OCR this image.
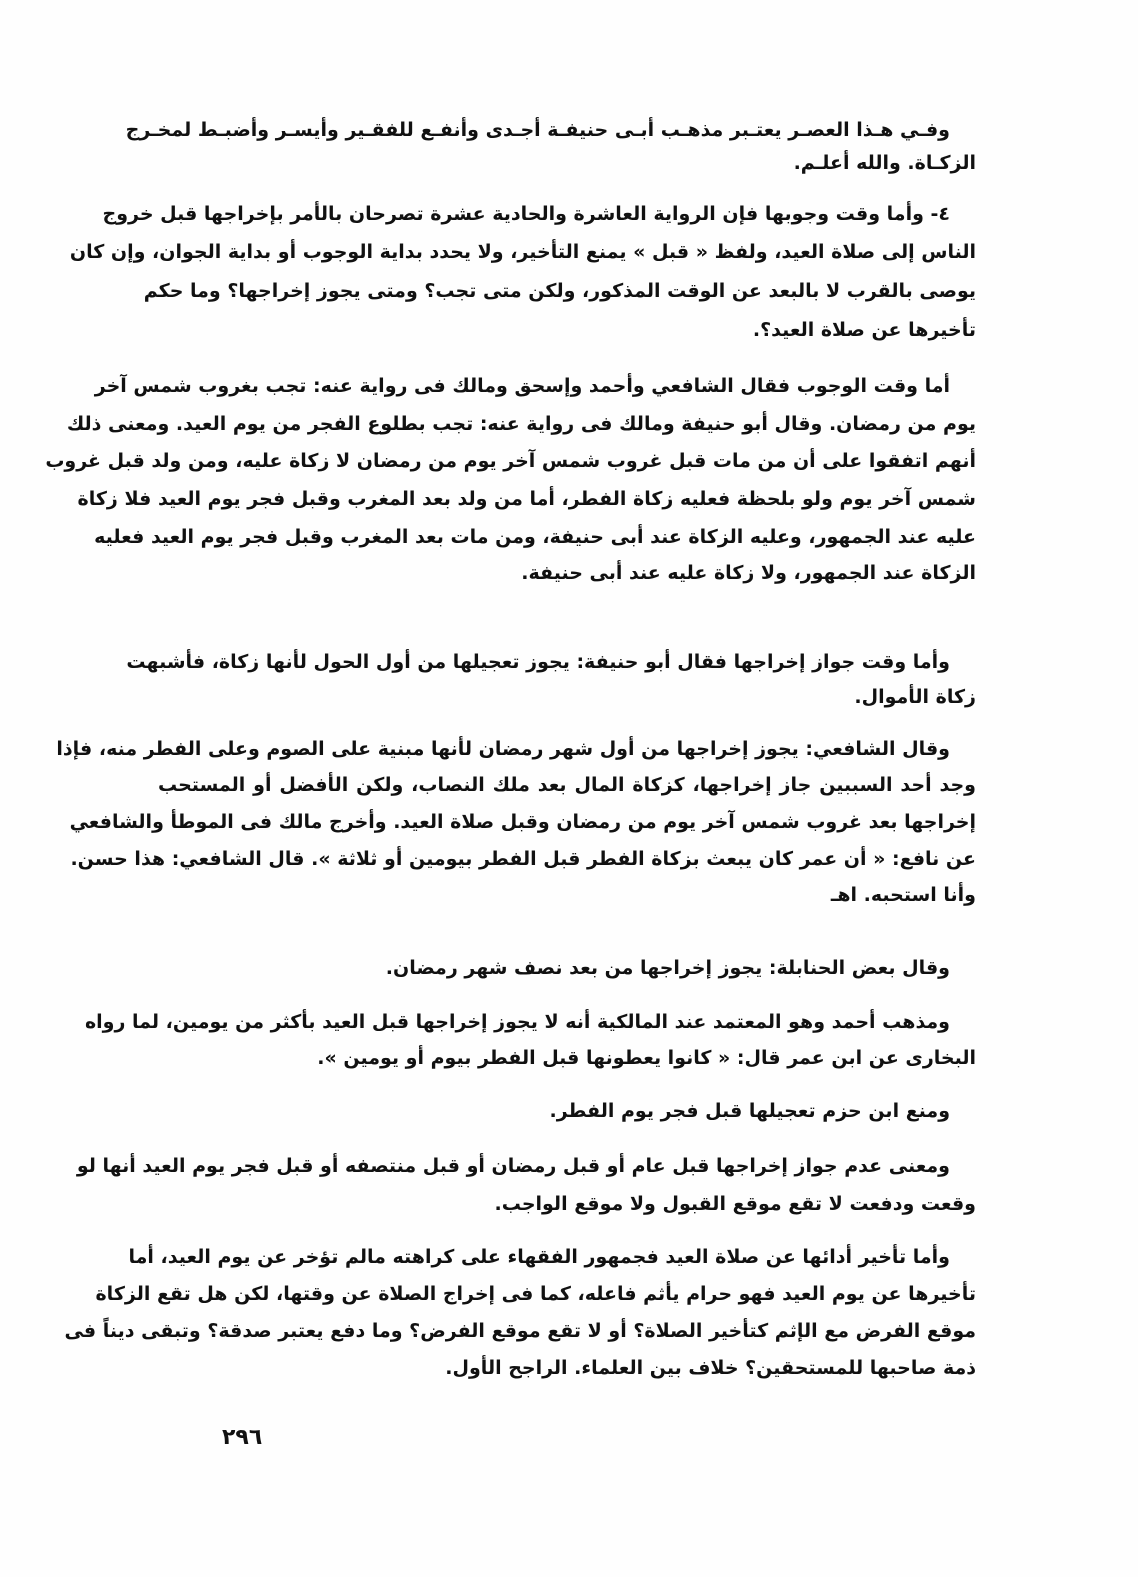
وفـي هـذا العصـر يعتـبر مذهـب أبـى حنيفـة أجـدى وأنفـع للفقـير وأيسـر وأضبـط لمخـرج
الزكـاة. والله أعلـم.
٤- وأما وقت وجوبها فإن الرواية العاشرة والحادية عشرة تصرحان بالأمر بإخراجها قبل خروج
الناس إلى صلاة العيد، ولفظ « قبل » يمنع التأخير، ولا يحدد بداية الوجوب أو بداية الجوان، وإن كان
يوصى بالقرب لا بالبعد عن الوقت المذكور، ولكن متى تجب؟ ومتى يجوز إخراجها؟ وما حكم
تأخيرها عن صلاة العيد؟.
أما وقت الوجوب فقال الشافعي وأحمد وإسحق ومالك فى رواية عنه: تجب بغروب شمس آخر
يوم من رمضان. وقال أبو حنيفة ومالك فى رواية عنه: تجب بطلوع الفجر من يوم العيد. ومعنى ذلك
أنهم اتفقوا على أن من مات قبل غروب شمس آخر يوم من رمضان لا زكاة عليه، ومن ولد قبل غروب
شمس آخر يوم ولو بلحظة فعليه زكاة الفطر، أما من ولد بعد المغرب وقبل فجر يوم العيد فلا زكاة
عليه عند الجمهور، وعليه الزكاة عند أبى حنيفة، ومن مات بعد المغرب وقبل فجر يوم العيد فعليه
الزكاة عند الجمهور، ولا زكاة عليه عند أبى حنيفة.
وأما وقت جواز إخراجها فقال أبو حنيفة: يجوز تعجيلها من أول الحول لأنها زكاة، فأشبهت
زكاة الأموال.
وقال الشافعي: يجوز إخراجها من أول شهر رمضان لأنها مبنية على الصوم وعلى الفطر منه، فإذا
وجد أحد السببين جاز إخراجها، كزكاة المال بعد ملك النصاب، ولكن الأفضل أو المستحب
إخراجها بعد غروب شمس آخر يوم من رمضان وقبل صلاة العيد. وأخرج مالك فى الموطأ والشافعي
عن نافع: « أن عمر كان يبعث بزكاة الفطر قبل الفطر بيومين أو ثلاثة ». قال الشافعي: هذا حسن.
وأنا استحبه. اهـ
وقال بعض الحنابلة: يجوز إخراجها من بعد نصف شهر رمضان.
ومذهب أحمد وهو المعتمد عند المالكية أنه لا يجوز إخراجها قبل العيد بأكثر من يومين، لما رواه
البخارى عن ابن عمر قال: « كانوا يعطونها قبل الفطر بيوم أو يومين ».
ومنع ابن حزم تعجيلها قبل فجر يوم الفطر.
ومعنى عدم جواز إخراجها قبل عام أو قبل رمضان أو قبل منتصفه أو قبل فجر يوم العيد أنها لو
وقعت ودفعت لا تقع موقع القبول ولا موقع الواجب.
وأما تأخير أدائها عن صلاة العيد فجمهور الفقهاء على كراهته مالم تؤخر عن يوم العيد، أما
تأخيرها عن يوم العيد فهو حرام يأثم فاعله، كما فى إخراج الصلاة عن وقتها، لكن هل تقع الزكاة
موقع الفرض مع الإثم كتأخير الصلاة؟ أو لا تقع موقع الفرض؟ وما دفع يعتبر صدقة؟ وتبقى ديناً فى
ذمة صاحبها للمستحقين؟ خلاف بين العلماء. الراجح الأول.
٢٩٦
